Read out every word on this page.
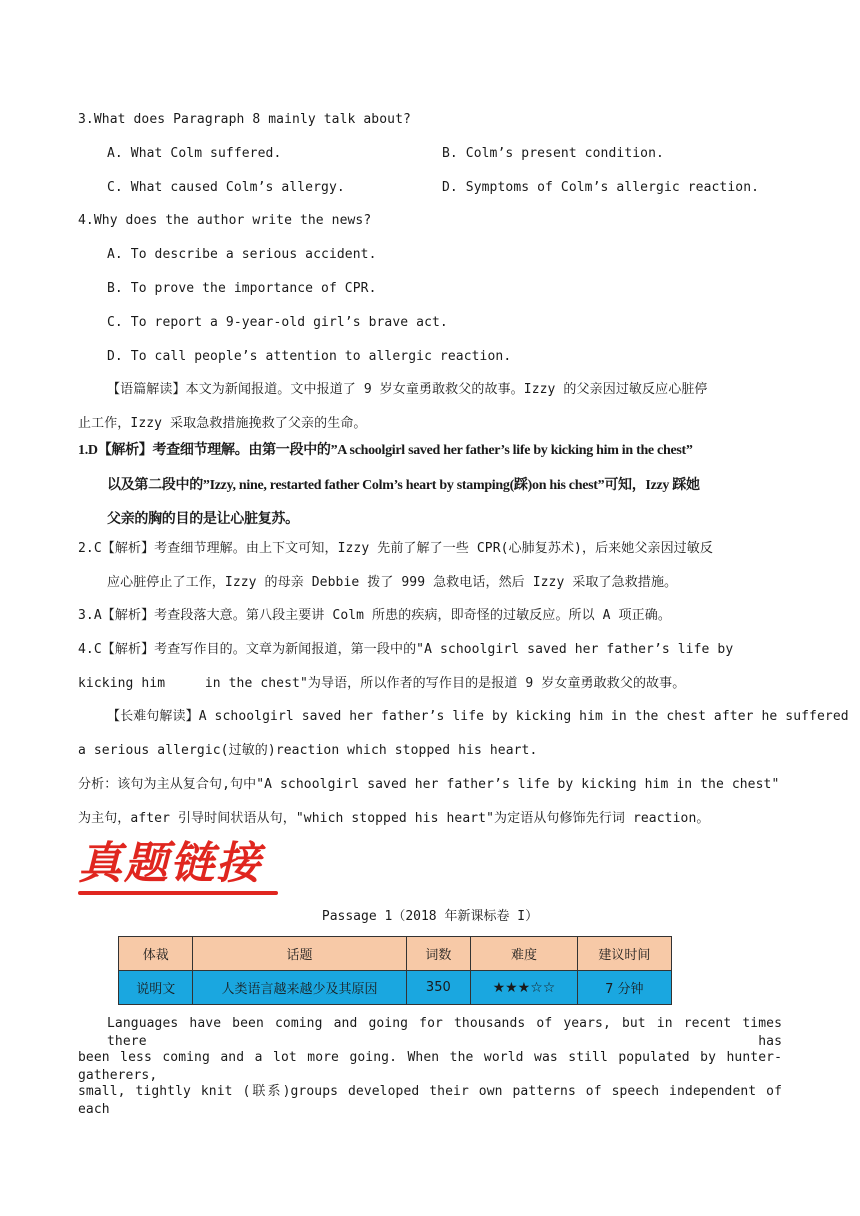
3.What does Paragraph 8 mainly talk about?
A. What Colm suffered.	B. Colm’s present condition.
C. What caused Colm’s allergy.	D. Symptoms of Colm’s allergic reaction.
4.Why does the author write the news?
A. To describe a serious accident.
B. To prove the importance of CPR.
C. To report a 9-year-old girl’s brave act.
D. To call people’s attention to allergic reaction.
【语篇解读】本文为新闻报道。文中报道了 9 岁女童勇敢救父的故事。Izzy 的父亲因过敏反应心脏停
止工作，Izzy 采取急救措施挽救了父亲的生命。
1.D【解析】考查细节理解。由第一段中的”A schoolgirl saved her father’s life by kicking him in the chest”
以及第二段中的”Izzy, nine, restarted father Colm’s heart by stamping(踩)on his chest”可知，Izzy 踩她
父亲的胸的目的是让心脏复苏。
2.C【解析】考查细节理解。由上下文可知，Izzy 先前了解了一些 CPR(心肺复苏术)，后来她父亲因过敏反
应心脏停止了工作，Izzy 的母亲 Debbie 拨了 999 急救电话，然后 Izzy 采取了急救措施。
3.A【解析】考查段落大意。第八段主要讲 Colm 所患的疾病，即奇怪的过敏反应。所以 A 项正确。
4.C【解析】考查写作目的。文章为新闻报道，第一段中的"A schoolgirl saved her father’s life by
kicking him     in the chest"为导语，所以作者的写作目的是报道 9 岁女童勇敢救父的故事。
【长难句解读】A schoolgirl saved her father’s life by kicking him in the chest after he suffered
a serious allergic(过敏的)reaction which stopped his heart.
分析：该句为主从复合句,句中"A schoolgirl saved her father’s life by kicking him in the chest"
为主句，after 引导时间状语从句，"which stopped his heart"为定语从句修饰先行词 reaction。
真题链接
Passage 1（2018 年新课标卷 I）
体裁	话题	词数	难度	建议时间
说明文	人类语言越来越少及其原因	350	★★★☆☆	7 分钟
Languages have been coming and going for thousands of years, but in recent times there has
been less coming and a lot more going. When the world was still populated by hunter-gatherers,
small, tightly knit (联系)groups developed their own patterns of speech independent of each
